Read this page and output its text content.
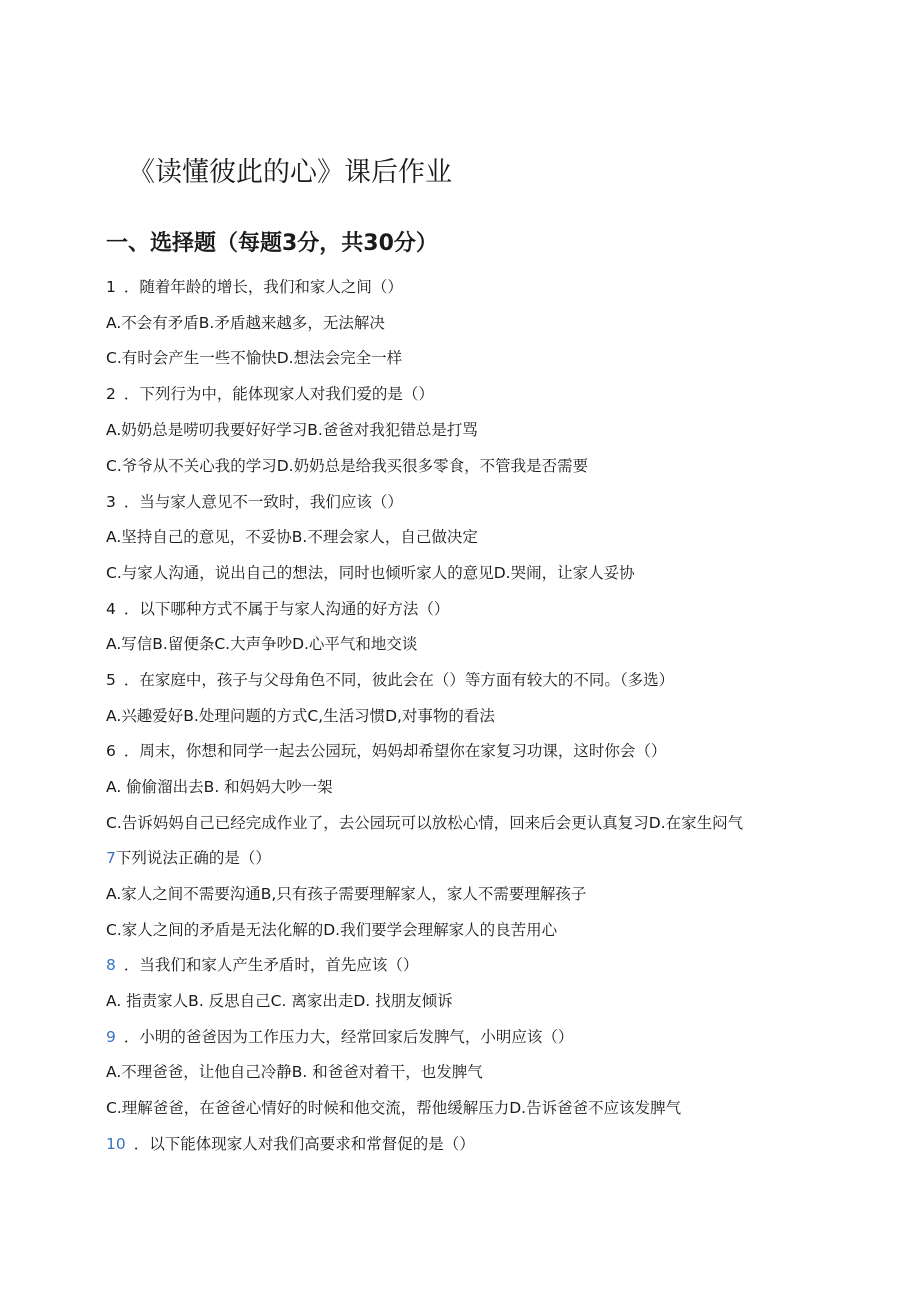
《读懂彼此的心》课后作业
一、选择题（每题3分，共30分）
1 ．随着年龄的增长，我们和家人之间（）
A.不会有矛盾B.矛盾越来越多，无法解决
C.有时会产生一些不愉快D.想法会完全一样
2 ．下列行为中，能体现家人对我们爱的是（）
A.奶奶总是唠叨我要好好学习B.爸爸对我犯错总是打骂
C.爷爷从不关心我的学习D.奶奶总是给我买很多零食，不管我是否需要
3 ．当与家人意见不一致时，我们应该（）
A.坚持自己的意见，不妥协B.不理会家人，自己做决定
C.与家人沟通，说出自己的想法，同时也倾听家人的意见D.哭闹，让家人妥协
4 ．以下哪种方式不属于与家人沟通的好方法（）
A.写信B.留便条C.大声争吵D.心平气和地交谈
5 ．在家庭中，孩子与父母角色不同，彼此会在（）等方面有较大的不同。（多选）
A.兴趣爱好B.处理问题的方式C,生活习惯D,对事物的看法
6 ．周末，你想和同学一起去公园玩，妈妈却希望你在家复习功课，这时你会（）
A. 偷偷溜出去B. 和妈妈大吵一架
C.告诉妈妈自己已经完成作业了，去公园玩可以放松心情，回来后会更认真复习D.在家生闷气
7下列说法正确的是（）
A.家人之间不需要沟通B,只有孩子需要理解家人，家人不需要理解孩子
C.家人之间的矛盾是无法化解的D.我们要学会理解家人的良苦用心
8 ．当我们和家人产生矛盾时，首先应该（）
A. 指责家人B. 反思自己C. 离家出走D. 找朋友倾诉
9 ．小明的爸爸因为工作压力大，经常回家后发脾气，小明应该（）
A.不理爸爸，让他自己冷静B. 和爸爸对着干，也发脾气
C.理解爸爸，在爸爸心情好的时候和他交流，帮他缓解压力D.告诉爸爸不应该发脾气
10 ．以下能体现家人对我们高要求和常督促的是（）
